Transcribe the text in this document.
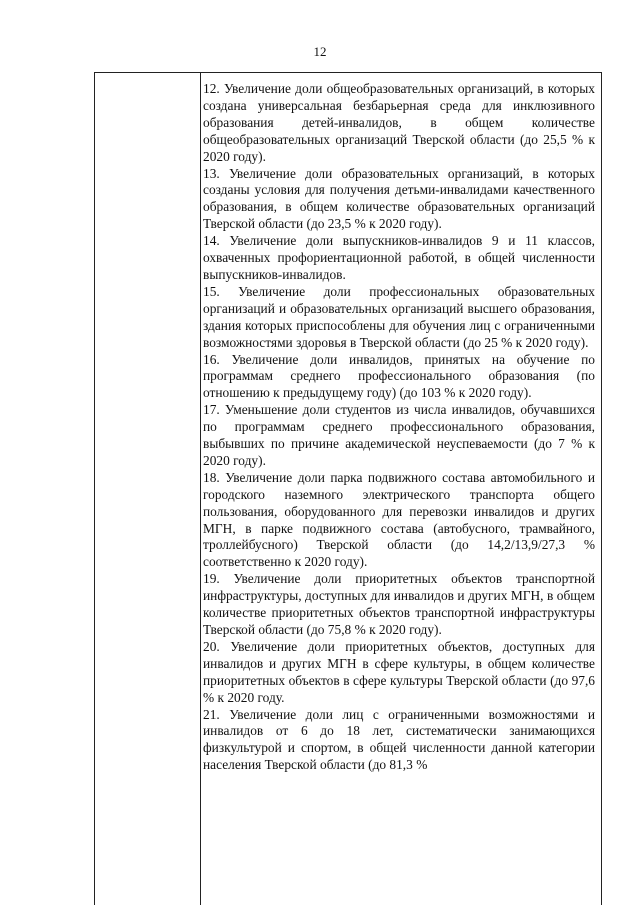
12

12. Увеличение доли общеобразовательных организаций, в которых создана универсальная безбарьерная среда для инклюзивного образования детей-инвалидов, в общем количестве общеобразовательных организаций Тверской области (до 25,5 % к 2020 году).

13. Увеличение доли образовательных организаций, в которых созданы условия для получения детьми-инвалидами качественного образования, в общем количестве образовательных организаций Тверской области (до 23,5 % к 2020 году).

14. Увеличение доли выпускников-инвалидов 9 и 11 классов, охваченных профориентационной работой, в общей численности выпускников-инвалидов.

15. Увеличение доли профессиональных образовательных организаций и образовательных организаций высшего образования, здания которых приспособлены для обучения лиц с ограниченными возможностями здоровья в Тверской области (до 25 % к 2020 году).

16. Увеличение доли инвалидов, принятых на обучение по программам среднего профессионального образования (по отношению к предыдущему году) (до 103 % к 2020 году).

17. Уменьшение доли студентов из числа инвалидов, обучавшихся по программам среднего профессионального образования, выбывших по причине академической неуспеваемости (до 7 % к 2020 году).

18. Увеличение доли парка подвижного состава автомобильного и городского наземного электрического транспорта общего пользования, оборудованного для перевозки инвалидов и других МГН, в парке подвижного состава (автобусного, трамвайного, троллейбусного) Тверской области (до 14,2/13,9/27,3 % соответственно к 2020 году).

19. Увеличение доли приоритетных объектов транспортной инфраструктуры, доступных для инвалидов и других МГН, в общем количестве приоритетных объектов транспортной инфраструктуры Тверской области (до 75,8 % к 2020 году).

20. Увеличение доли приоритетных объектов, доступных для инвалидов и других МГН в сфере культуры, в общем количестве приоритетных объектов в сфере культуры Тверской области (до 97,6 % к 2020 году.

21. Увеличение доли лиц с ограниченными возможностями и инвалидов от 6 до 18 лет, систематически занимающихся физкультурой и спортом, в общей численности данной категории населения Тверской области (до 81,3 %
